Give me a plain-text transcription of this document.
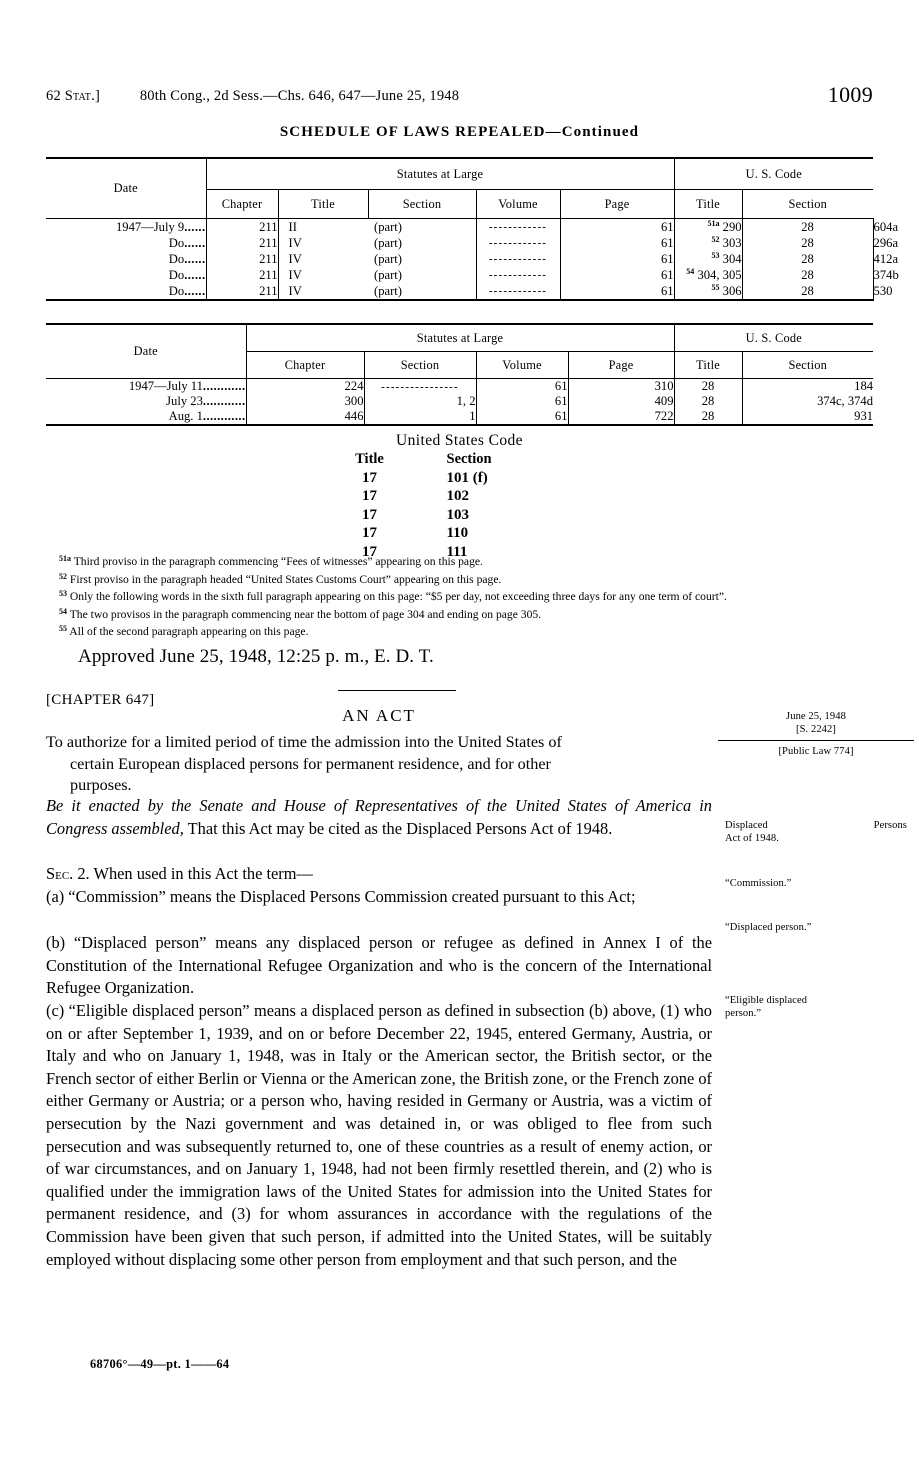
62 Stat.]	80th Cong., 2d Sess.—Chs. 646, 647—June 25, 1948	1009
SCHEDULE OF LAWS REPEALED—Continued
Date	Statutes at Large					U. S. Code		
	Chapter	Title	Section	Volume	Page	Title	Section	
1947—July 9......	211	II	(part)	------------	61	$^{51a}$ 290	28	604a
Do......	211	IV	(part)	------------	61	$^{52}$ 303	28	296a
Do......	211	IV	(part)	------------	61	$^{53}$ 304	28	412a
Do......	211	IV	(part)	------------	61	$^{54}$ 304, 305	28	374b
Do......	211	IV	(part)	------------	61	$^{55}$ 306	28	530
Date	Statutes at Large				U. S. Code	
	Chapter	Section	Volume	Page	Title	Section
1947—July 11............	224	----------------	61	310	28	184
July 23............	300	1, 2	61	409	28	374c, 374d
Aug. 1............	446	1	61	722	28	931
United States Code
Title	Section
17	101 (f)
17	102
17	103
17	110
17	111

$^{51a}$ Third proviso in the paragraph commencing “Fees of witnesses” appearing on this page.

$^{52}$ First proviso in the paragraph headed “United States Customs Court” appearing on this page.

$^{53}$ Only the following words in the sixth full paragraph appearing on this page: “$5 per day, not exceeding three days for any one term of court”.

$^{54}$ The two provisos in the paragraph commencing near the bottom of page 304 and ending on page 305.

$^{55}$ All of the second paragraph appearing on this page.

Approved June 25, 1948, 12:25 p. m., E. D. T.
[CHAPTER 647]
AN ACT
To authorize for a limited period of time the admission into the United States of
certain European displaced persons for permanent residence, and for other
purposes.
June 25, 1948
[S. 2242]
[Public Law 774]
Displaced	Persons
Act of 1948.
“Commission.”
“Displaced person.”
“Eligible displaced
person.”
Be it enacted by the Senate and House of Representatives of the United States of America in Congress assembled, That this Act may be cited as the Displaced Persons Act of 1948.
Sec. 2. When used in this Act the term—
(a) “Commission” means the Displaced Persons Commission created pursuant to this Act;
(b) “Displaced person” means any displaced person or refugee as defined in Annex I of the Constitution of the International Refugee Organization and who is the concern of the International Refugee Organization.
(c) “Eligible displaced person” means a displaced person as defined in subsection (b) above, (1) who on or after September 1, 1939, and on or before December 22, 1945, entered Germany, Austria, or Italy and who on January 1, 1948, was in Italy or the American sector, the British sector, or the French sector of either Berlin or Vienna or the American zone, the British zone, or the French zone of either Germany or Austria; or a person who, having resided in Germany or Austria, was a victim of persecution by the Nazi government and was detained in, or was obliged to flee from such persecution and was subsequently returned to, one of these countries as a result of enemy action, or of war circumstances, and on January 1, 1948, had not been firmly resettled therein, and (2) who is qualified under the immigration laws of the United States for admission into the United States for permanent residence, and (3) for whom assurances in accordance with the regulations of the Commission have been given that such person, if admitted into the United States, will be suitably employed without displacing some other person from employment and that such person, and the
68706°—49—pt. 1——64
